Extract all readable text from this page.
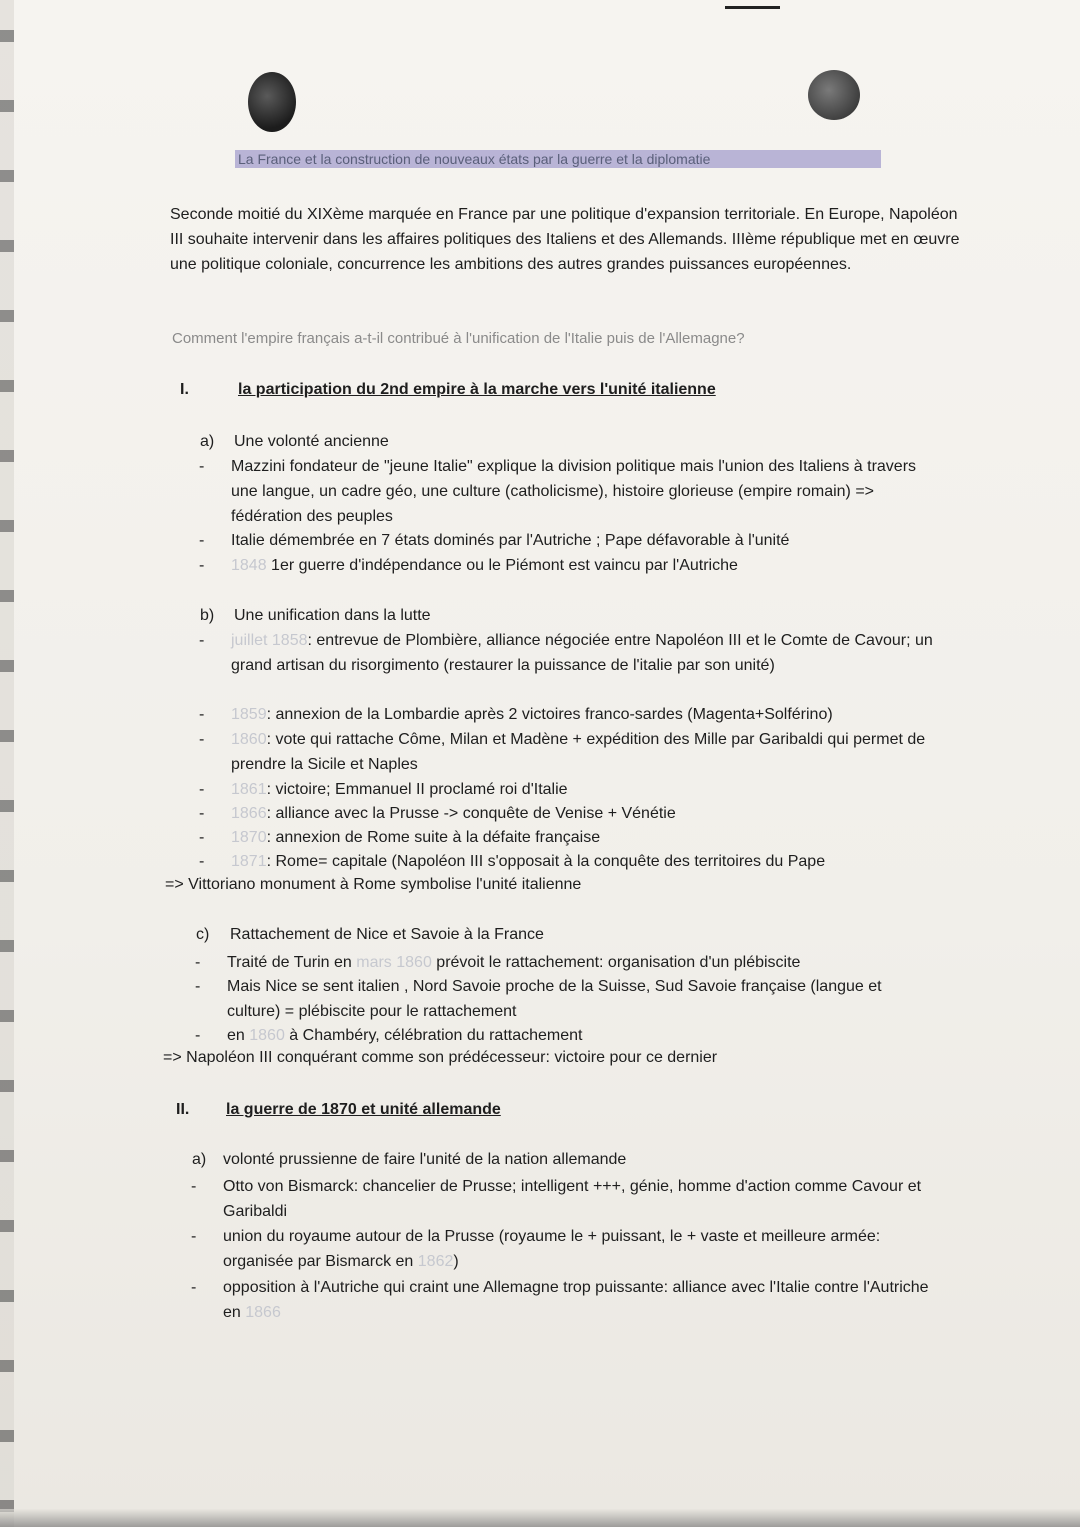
La France et la construction de nouveaux états par la guerre et la diplomatie
Seconde moitié du XIXème marquée en France par une politique d'expansion territoriale. En Europe, Napoléon III souhaite intervenir dans les affaires politiques des Italiens et des Allemands. IIIème république met en œuvre une politique coloniale, concurrence les ambitions des autres grandes puissances européennes.
Comment l'empire français a-t-il contribué à l'unification de l'Italie puis de l'Allemagne?
I.	la participation du 2nd empire à la marche vers l'unité italienne
a) Une volonté ancienne
- Mazzini fondateur de "jeune Italie" explique la division politique mais l'union des Italiens à travers une langue, un cadre géo, une culture (catholicisme), histoire glorieuse (empire romain) => fédération des peuples
- Italie démembrée en 7 états dominés par l'Autriche ; Pape défavorable à l'unité
- 1848 1er guerre d'indépendance ou le Piémont est vaincu par l'Autriche
b) Une unification dans la lutte
- juillet 1858: entrevue de Plombière, alliance négociée entre Napoléon III et le Comte de Cavour; un grand artisan du risorgimento (restaurer la puissance de l'italie par son unité)
- 1859: annexion de la Lombardie après 2 victoires franco-sardes (Magenta+Solférino)
- 1860: vote qui rattache Côme, Milan et Madène + expédition des Mille par Garibaldi qui permet de prendre la Sicile et Naples
- 1861: victoire; Emmanuel II proclamé roi d'Italie
- 1866: alliance avec la Prusse -> conquête de Venise + Vénétie
- 1870: annexion de Rome suite à la défaite française
- 1871: Rome= capitale (Napoléon III s'opposait à la conquête des territoires du Pape
=> Vittoriano monument à Rome symbolise l'unité italienne
c) Rattachement de Nice et Savoie à la France
- Traité de Turin en mars 1860 prévoit le rattachement: organisation d'un plébiscite
- Mais Nice se sent italien , Nord Savoie proche de la Suisse, Sud Savoie française (langue et culture) = plébiscite pour le rattachement
- en 1860 à Chambéry, célébration du rattachement
=> Napoléon III conquérant comme son prédécesseur: victoire pour ce dernier
II. la guerre de 1870 et unité allemande
a) volonté prussienne de faire l'unité de la nation allemande
- Otto von Bismarck: chancelier de Prusse; intelligent +++, génie, homme d'action comme Cavour et Garibaldi
- union du royaume autour de la Prusse (royaume le + puissant, le + vaste et meilleure armée: organisée par Bismarck en 1862)
- opposition à l'Autriche qui craint une Allemagne trop puissante: alliance avec l'Italie contre l'Autriche en 1866
